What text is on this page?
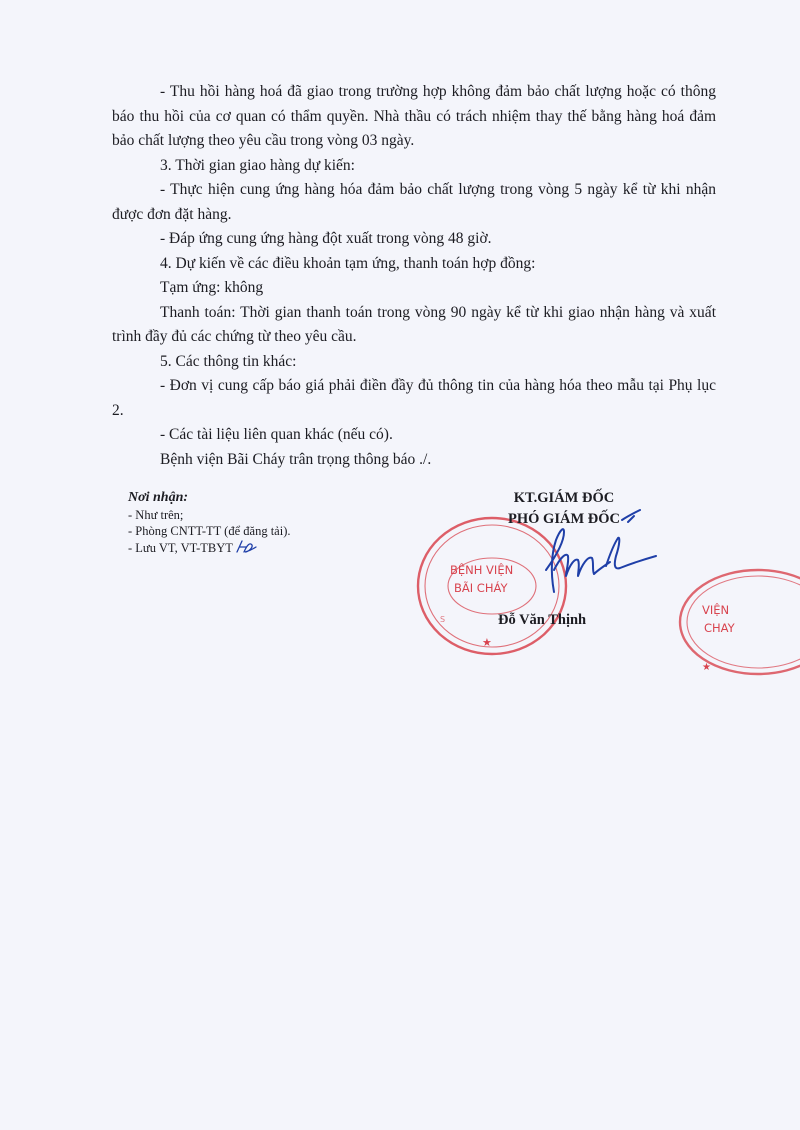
- Thu hồi hàng hoá đã giao trong trường hợp không đảm bảo chất lượng hoặc có thông báo thu hồi của cơ quan có thẩm quyền. Nhà thầu có trách nhiệm thay thế bằng hàng hoá đảm bảo chất lượng theo yêu cầu trong vòng 03 ngày.

3. Thời gian giao hàng dự kiến:

- Thực hiện cung ứng hàng hóa đảm bảo chất lượng trong vòng 5 ngày kể từ khi nhận được đơn đặt hàng.

- Đáp ứng cung ứng hàng đột xuất trong vòng 48 giờ.

4. Dự kiến về các điều khoản tạm ứng, thanh toán hợp đồng:

Tạm ứng: không

Thanh toán: Thời gian thanh toán trong vòng 90 ngày kể từ khi giao nhận hàng và xuất trình đầy đủ các chứng từ theo yêu cầu.

5. Các thông tin khác:

- Đơn vị cung cấp báo giá phải điền đầy đủ thông tin của hàng hóa theo mẫu tại Phụ lục 2.

- Các tài liệu liên quan khác (nếu có).

Bệnh viện Bãi Cháy trân trọng thông báo ./.

Nơi nhận:
- Như trên;
- Phòng CNTT-TT (để đăng tải).
- Lưu VT, VT-TBYT
BỆNH VIỆN
BÃI CHÁY
★
S
VIỆN
CHAY
★
KT.GIÁM ĐỐC
PHÓ GIÁM ĐỐC
Đỗ Văn Thịnh
